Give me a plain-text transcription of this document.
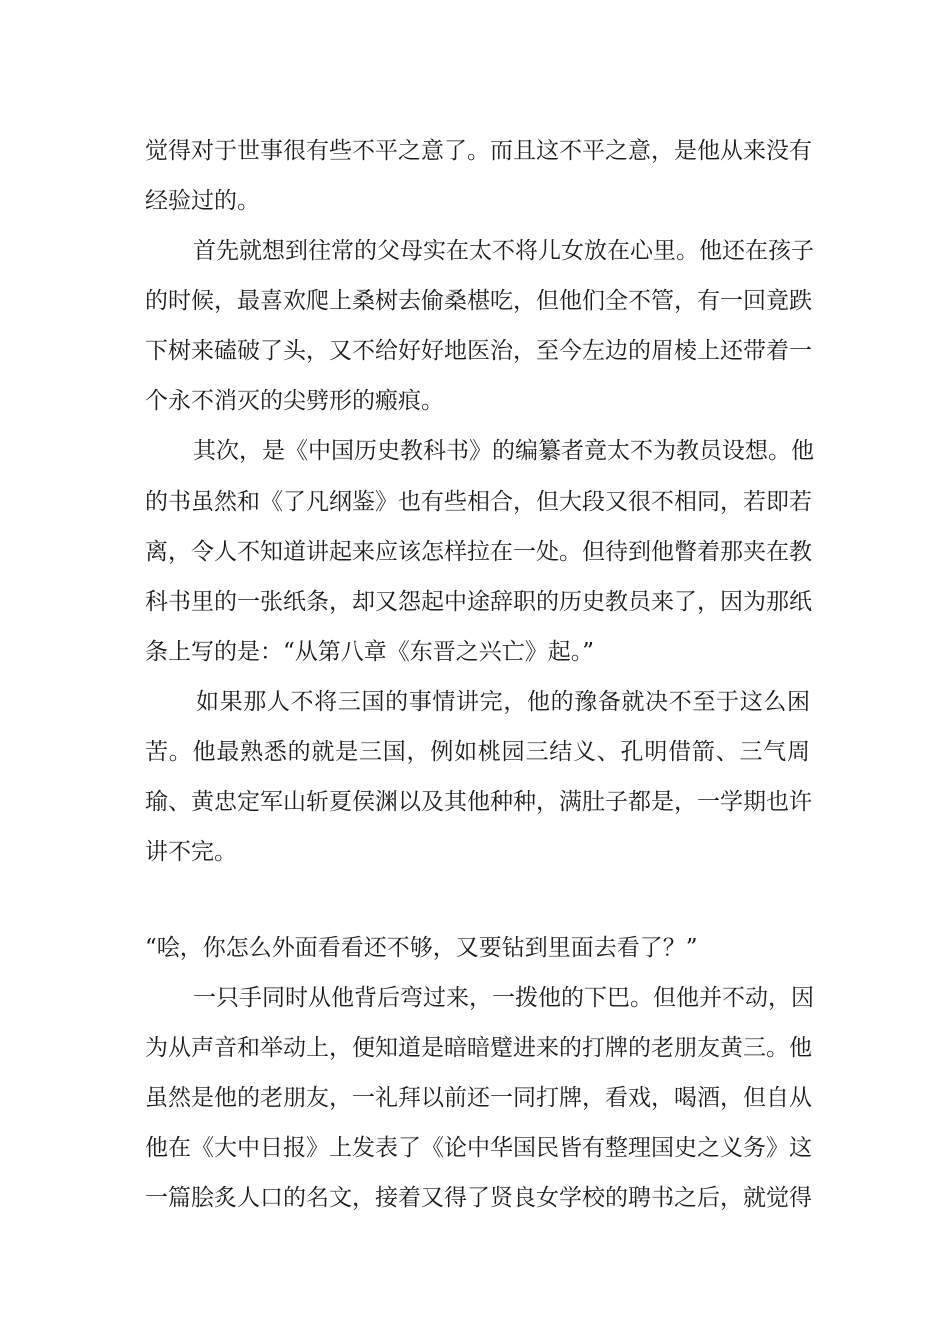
觉得对于世事很有些不平之意了。而且这不平之意，是他从来没有

经验过的。

首先就想到往常的父母实在太不将儿女放在心里。他还在孩子

的时候，最喜欢爬上桑树去偷桑椹吃，但他们全不管，有一回竟跌

下树来磕破了头，又不给好好地医治，至今左边的眉棱上还带着一

个永不消灭的尖劈形的瘢痕。

其次，是《中国历史教科书》的编纂者竟太不为教员设想。他

的书虽然和《了凡纲鉴》也有些相合，但大段又很不相同，若即若

离，令人不知道讲起来应该怎样拉在一处。但待到他瞥着那夹在教

科书里的一张纸条，却又怨起中途辞职的历史教员来了，因为那纸

条上写的是：“从第八章《东晋之兴亡》起。”

如果那人不将三国的事情讲完，他的豫备就决不至于这么困

苦。他最熟悉的就是三国，例如桃园三结义、孔明借箭、三气周

瑜、黄忠定军山斩夏侯渊以及其他种种，满肚子都是，一学期也许

讲不完。

“哙，你怎么外面看看还不够，又要钻到里面去看了？”

一只手同时从他背后弯过来，一拨他的下巴。但他并不动，因

为从声音和举动上，便知道是暗暗躄进来的打牌的老朋友黄三。他

虽然是他的老朋友，一礼拜以前还一同打牌，看戏，喝酒，但自从

他在《大中日报》上发表了《论中华国民皆有整理国史之义务》这

一篇脍炙人口的名文，接着又得了贤良女学校的聘书之后，就觉得
